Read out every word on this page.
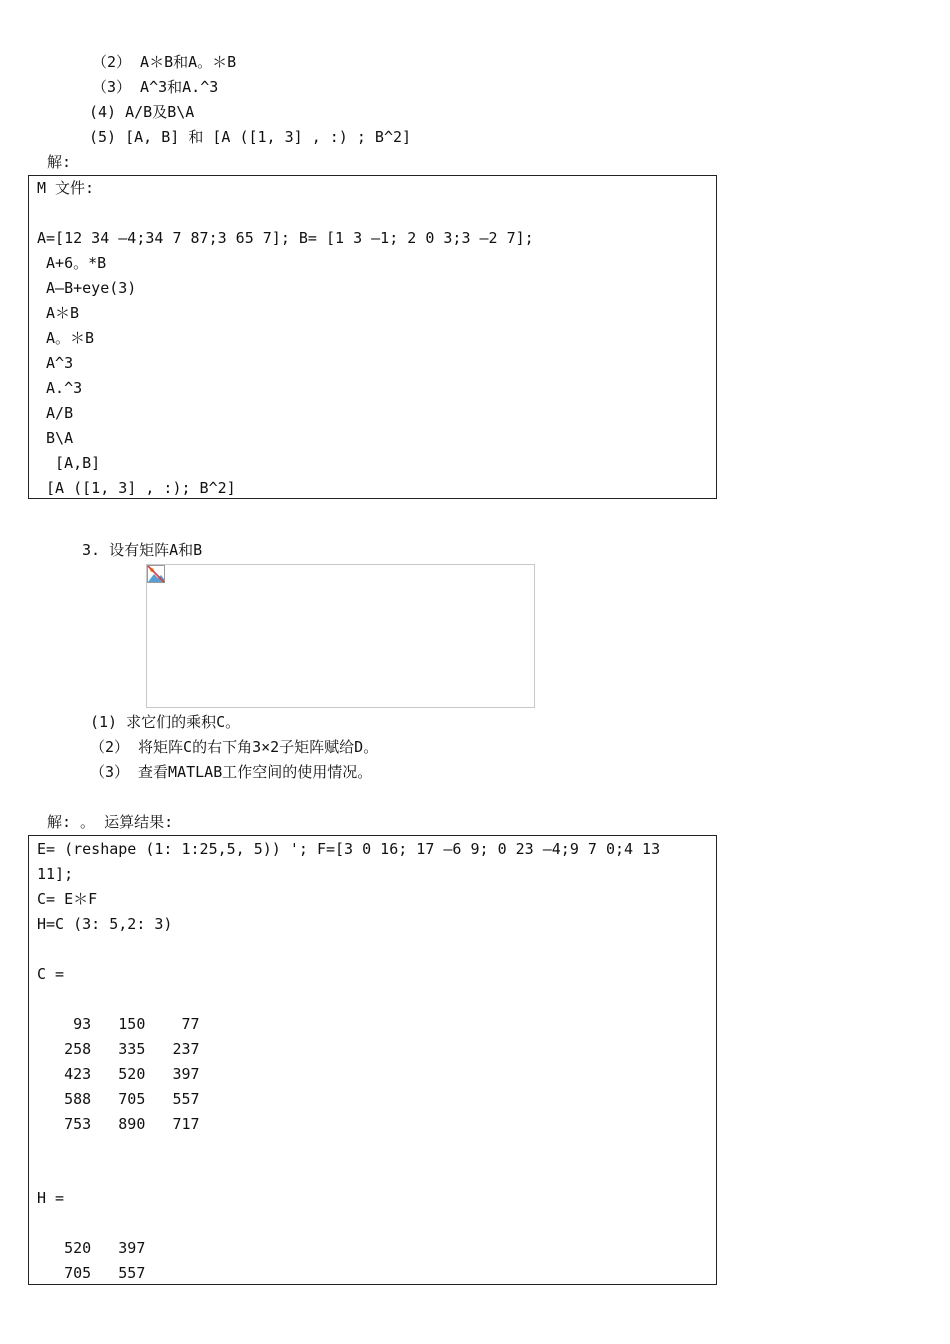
（2） A＊B和A。＊B
（3） A^3和A.^3
(4) A/B及B\A
(5) [A, B] 和 [A ([1, 3] , :) ; B^2]
解:
M 文件:
A=[12 34 —4;34 7 87;3 65 7]; B= [1 3 —1; 2 0 3;3 —2 7];
A+6。*B
A—B+eye(3)
A＊B
A。＊B
A^3
A.^3
A/B
B\A
[A,B]
[A ([1, 3] , :); B^2]
3. 设有矩阵A和B
(1) 求它们的乘积C。
（2） 将矩阵C的右下角3×2子矩阵赋给D。
（3） 查看MATLAB工作空间的使用情况。
解: 。 运算结果:
E= (reshape (1: 1:25,5, 5)) '; F=[3 0 16; 17 —6 9; 0 23 —4;9 7 0;4 13
11];
C= E＊F
H=C (3: 5,2: 3)
C =
93   150    77
258   335   237
423   520   397
588   705   557
753   890   717
H =
520   397
705   557
